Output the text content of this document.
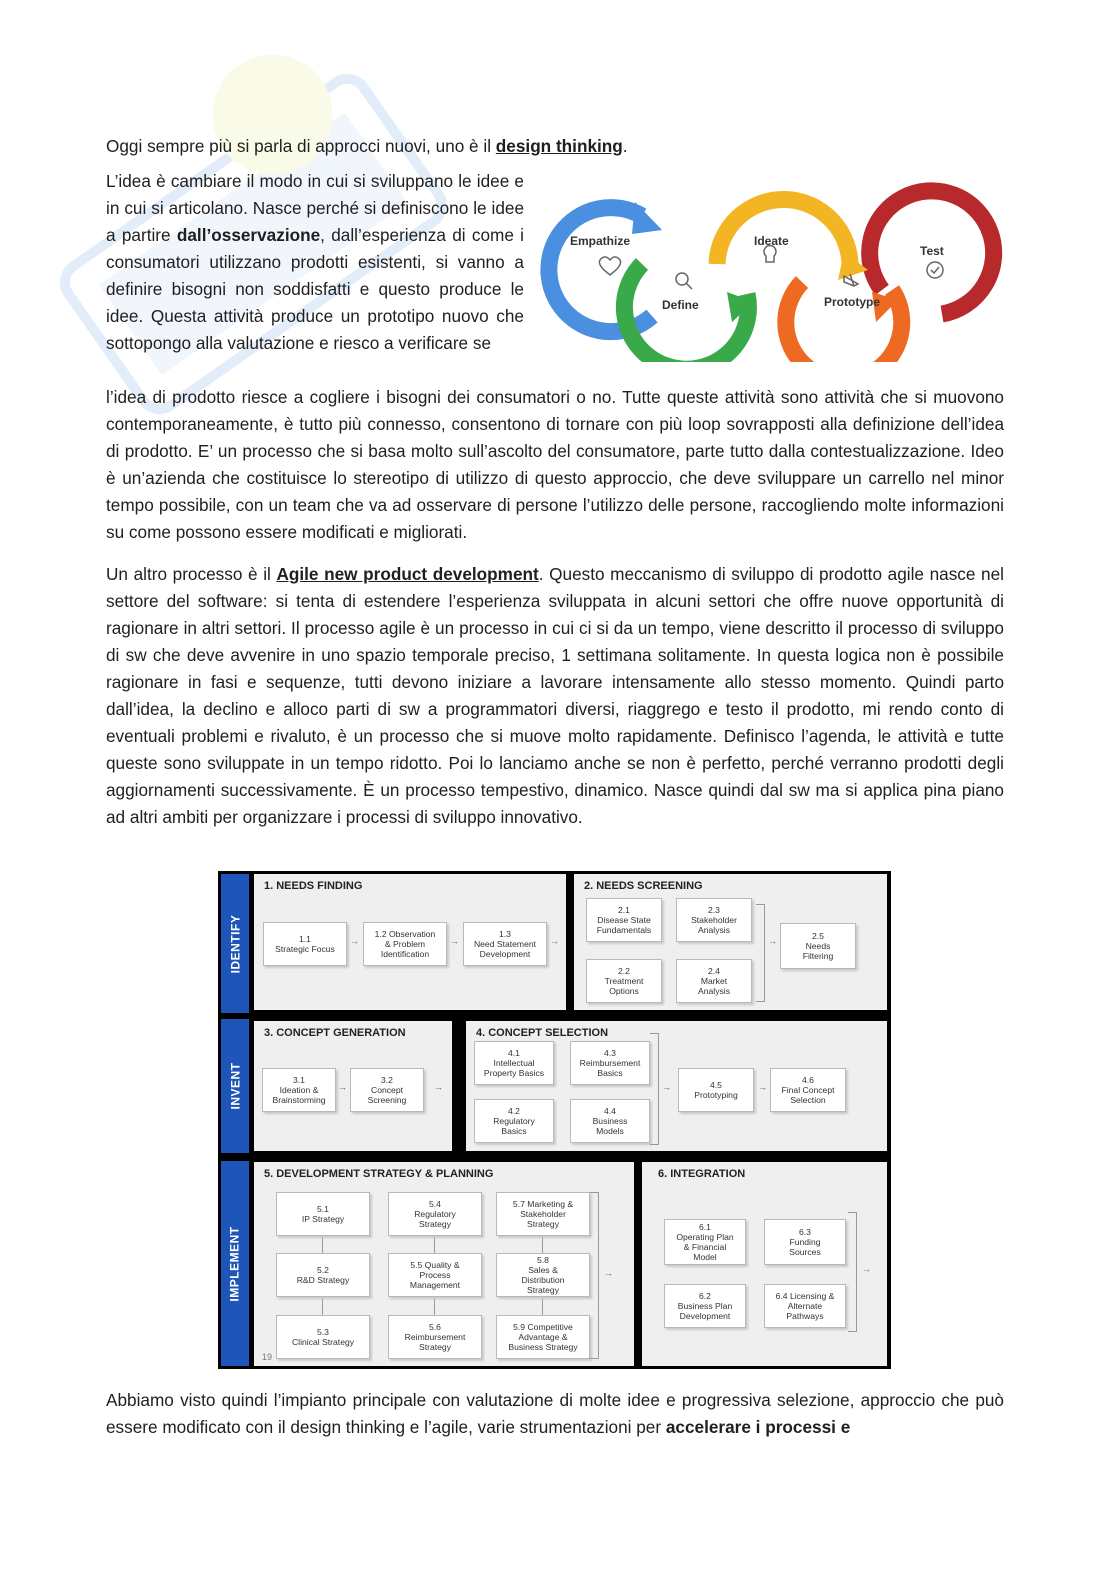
Oggi sempre più si parla di approcci nuovi, uno è il design thinking.
L’idea è cambiare il modo in cui si sviluppano le idee e in cui si articolano. Nasce perché si definiscono le idee a partire dall’osservazione, dall’esperienza di come i consumatori utilizzano prodotti esistenti, si vanno a definire bisogni non soddisfatti e questo produce le idee. Questa attività produce un prototipo nuovo che sottopongo alla valutazione e riesco a verificare se
Empathize
Define
Ideate
Prototype
Test
l’idea di prodotto riesce a cogliere i bisogni dei consumatori o no. Tutte queste attività sono attività che si muovono contemporaneamente, è tutto più connesso, consentono di tornare con più loop sovrapposti alla definizione dell’idea di prodotto. E’ un processo che si basa molto sull’ascolto del consumatore, parte tutto dalla contestualizzazione. Ideo è un’azienda che costituisce lo stereotipo di utilizzo di questo approccio, che deve sviluppare un carrello nel minor tempo possibile, con un team che va ad osservare di persone l’utilizzo delle persone, raccogliendo molte informazioni su come possono essere modificati e migliorati.
Un altro processo è il Agile new product development. Questo meccanismo di sviluppo di prodotto agile nasce nel settore del software: si tenta di estendere l’esperienza sviluppata in alcuni settori che offre nuove opportunità di ragionare in altri settori. Il processo agile è un processo in cui ci si da un tempo, viene descritto il processo di sviluppo di sw che deve avvenire in uno spazio temporale preciso, 1 settimana solitamente. In questa logica non è possibile ragionare in fasi e sequenze, tutti devono iniziare a lavorare intensamente allo stesso momento. Quindi parto dall’idea, la declino e alloco parti di sw a programmatori diversi, riaggrego e testo il prodotto, mi rendo conto di eventuali problemi e rivaluto, è un processo che si muove molto rapidamente. Definisco l’agenda, le attività e tutte queste sono sviluppate in un tempo ridotto. Poi lo lanciamo anche se non è perfetto, perché verranno prodotti degli aggiornamenti successivamente. È un processo tempestivo, dinamico. Nasce quindi dal sw ma si applica pina piano ad altri ambiti per organizzare i processi di sviluppo innovativo.
IDENTIFY
INVENT
IMPLEMENT
1. NEEDS FINDING
1.1
Strategic Focus
→
1.2 Observation
& Problem
Identification
→
1.3
Need Statement
Development
→
2. NEEDS SCREENING
2.1
Disease State
Fundamentals
2.3
Stakeholder
Analysis
2.2
Treatment
Options
2.4
Market
Analysis
→	2.5
Needs
Filtering
3. CONCEPT GENERATION
3.1
Ideation &
Brainstorming
→
3.2
Concept
Screening
→
4. CONCEPT SELECTION
4.1
Intellectual
Property Basics
4.3
Reimbursement
Basics
4.2
Regulatory
Basics
4.4
Business
Models
→	4.5
Prototyping
→
4.6
Final Concept
Selection
5. DEVELOPMENT STRATEGY & PLANNING
5.1
IP Strategy
5.2
R&D Strategy
5.3
Clinical Strategy
5.4
Regulatory
Strategy
5.5 Quality &
Process
Management
5.6
Reimbursement
Strategy
5.7 Marketing &
Stakeholder
Strategy
5.8
Sales &
Distribution
Strategy
5.9 Competitive
Advantage &
Business Strategy
→
19
6. INTEGRATION
6.1
Operating Plan
& Financial
Model
6.2
Business Plan
Development
6.3
Funding
Sources
6.4 Licensing &
Alternate
Pathways
→
Abbiamo visto quindi l’impianto principale con valutazione di molte idee e progressiva selezione, approccio che può essere modificato con il design thinking e l’agile, varie strumentazioni per accelerare i processi e
